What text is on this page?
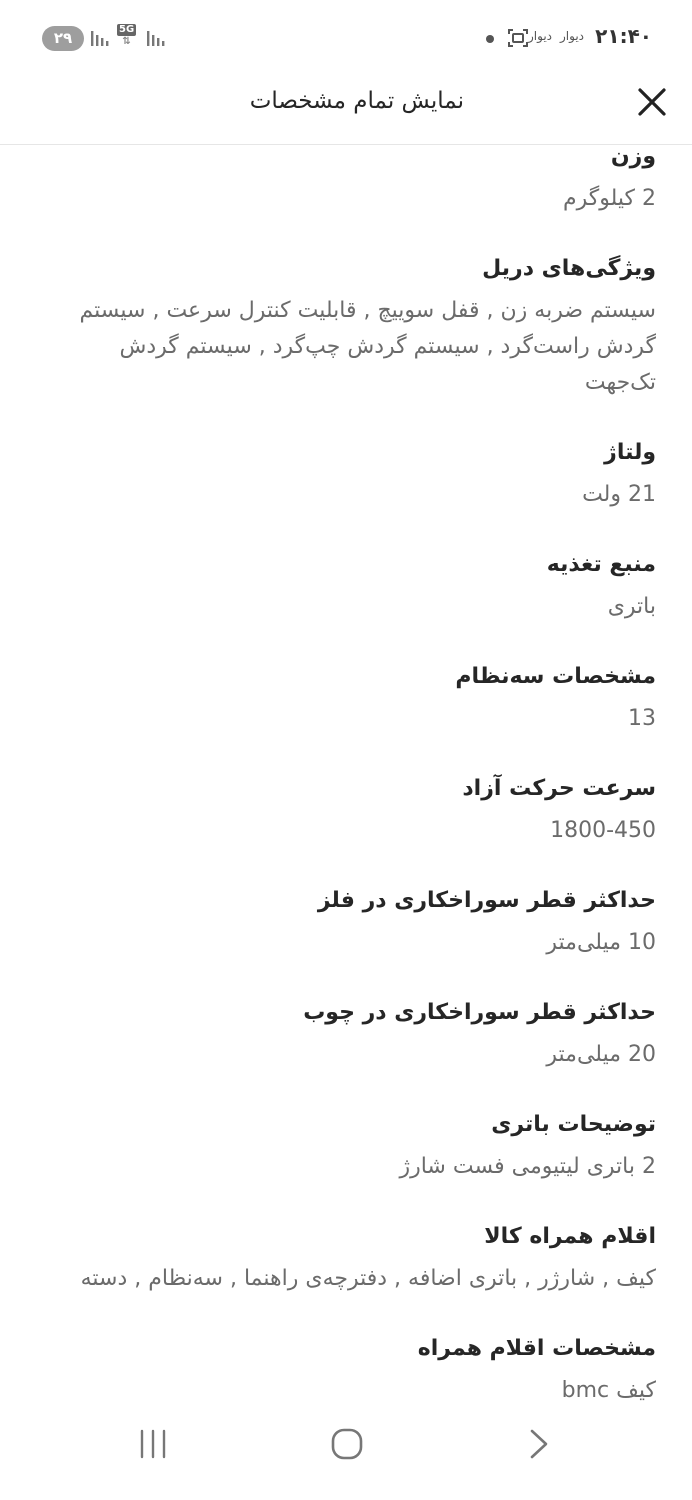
۲۹	5G
⇅	۲۱:۴۰
دیوار
دیوار
نمایش تمام مشخصات
وزن
2 کیلوگرم
ویژگی‌های دریل
سیستم ضربه زن , قفل سوییچ , قابلیت کنترل سرعت , سیستم گردش راست‌گرد , سیستم گردش چپ‌گرد , سیستم گردش تک‌جهت
ولتاژ
21 ولت
منبع تغذیه
باتری
مشخصات سه‌نظام
13
سرعت حرکت آزاد
1800-450
حداکثر قطر سوراخکاری در فلز
10 میلی‌متر
حداکثر قطر سوراخکاری در چوب
20 میلی‌متر
توضیحات باتری
2 باتری لیتیومی فست شارژ
اقلام همراه کالا
کیف , شارژر , باتری اضافه , دفترچه‌ی راهنما , سه‌نظام , دسته
مشخصات اقلام همراه
کیف bmc
